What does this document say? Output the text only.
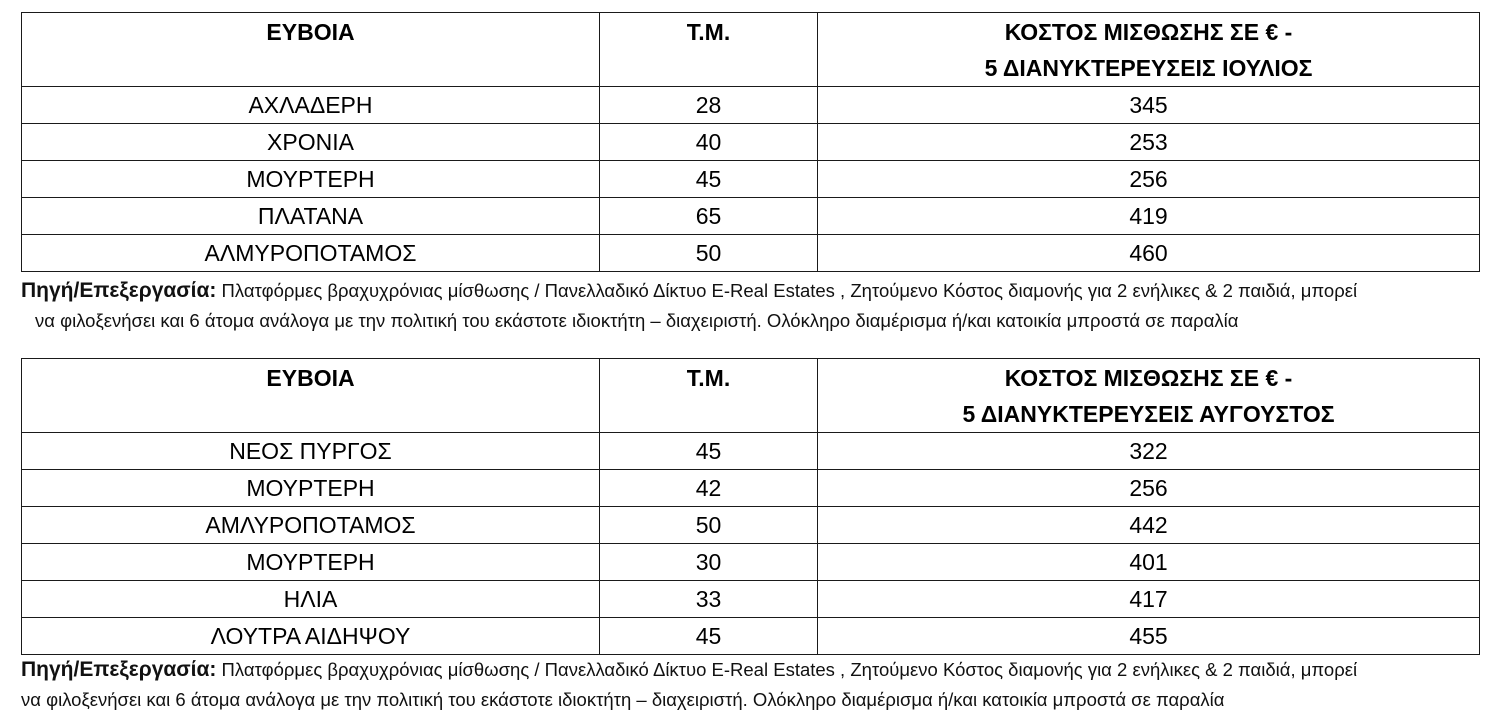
ΕΥΒΟΙΑ	Τ.Μ.	ΚΟΣΤΟΣ ΜΙΣΘΩΣΗΣ ΣΕ € -
5 ΔΙΑΝΥΚΤΕΡΕΥΣΕΙΣ ΙΟΥΛΙΟΣ

ΑΧΛΑΔΕΡΗ	28	345
ΧΡΟΝΙΑ	40	253
ΜΟΥΡΤΕΡΗ	45	256
ΠΛΑΤΑΝΑ	65	419
ΑΛΜΥΡΟΠΟΤΑΜΟΣ	50	460
Πηγή/Επεξεργασία: Πλατφόρμες βραχυχρόνιας μίσθωσης / Πανελλαδικό Δίκτυο E-Real Estates , Ζητούμενο Κόστος διαμονής για 2 ενήλικες & 2 παιδιά, μπορεί
να φιλοξενήσει και 6 άτομα ανάλογα με την πολιτική του εκάστοτε ιδιοκτήτη – διαχειριστή. Ολόκληρο διαμέρισμα ή/και κατοικία μπροστά σε παραλία
ΕΥΒΟΙΑ	Τ.Μ.	ΚΟΣΤΟΣ ΜΙΣΘΩΣΗΣ ΣΕ € -
5 ΔΙΑΝΥΚΤΕΡΕΥΣΕΙΣ ΑΥΓΟΥΣΤΟΣ

ΝΕΟΣ ΠΥΡΓΟΣ	45	322
ΜΟΥΡΤΕΡΗ	42	256
ΑΜΛΥΡΟΠΟΤΑΜΟΣ	50	442
ΜΟΥΡΤΕΡΗ	30	401
ΗΛΙΑ	33	417
ΛΟΥΤΡΑ ΑΙΔΗΨΟΥ	45	455
Πηγή/Επεξεργασία: Πλατφόρμες βραχυχρόνιας μίσθωσης / Πανελλαδικό Δίκτυο E-Real Estates , Ζητούμενο Κόστος διαμονής για 2 ενήλικες & 2 παιδιά, μπορεί
να φιλοξενήσει και 6 άτομα ανάλογα με την πολιτική του εκάστοτε ιδιοκτήτη – διαχειριστή. Ολόκληρο διαμέρισμα ή/και κατοικία μπροστά σε παραλία
